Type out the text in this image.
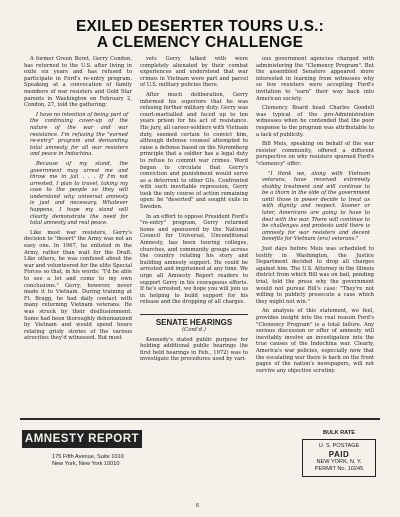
EXILED DESERTER TOURS U.S.:
A CLEMENCY CHALLENGE

A former Green Beret, Gerry Condon, has returned to the U.S. after living in exile six years and has refused to participate in Ford's re-entry program. Speaking at a convocation of family members of war resisters and Gold Star parents in Washington on February 2, Condon, 27, told the gathering:

I have no intention of being part of the continuing cover-up of the nature of the war and war resistance. I'm refusing the "earned re-entry" program and demanding total amnesty for all war resisters and peace in Indochina.

Because of my stand, the government may arrest me and throw me in jail . . . If I'm not arrested, I plan to travel, taking my case to the people so they will understand why universal amnesty is just and necessary. Whatever happens, I hope my stand will clearly demonstrate the need for total amnesty and real peace.

Like most war resisters, Gerry's decision to "desert" the Army was not an easy one. In 1967, he enlisted in the Army, rather than wait for the Draft. Like others, he was confused about the war and volunteered for the elite Special Forces so that, in his words: "I'd be able to see a lot and come to my own conclusions." Gerry, however, never made it to Vietnam. During training at Ft. Bragg, he had daily contact with many returning Vietnam veterans. He was struck by their disillusionment. Some had been thoroughly dehumanized by Vietnam and would spend hours relating grisly stories of the various atrocities they'd witnessed. But most

vets Gerry talked with were completely alienated by their combat experiences and understood that war crimes in Vietnam were part and parcel of U.S. military policies there.

After much deliberation, Gerry informed his superiors that he was refusing further military duty. Gerry was court-martialled and faced up to ten years prison for his act of resistance. His jury, all career-soldiers with Vietnam duty, seemed certain to convict him, although defense counsel attempted to raise a defense based on the Nuremberg principle that a soldier has a legal duty to refuse to commit war crimes. Word began to circulate that Gerry's conviction and punishment would serve as a deterrent to other GIs. Confronted with such inevitable repression, Gerry took the only course of action remaining open: he "deserted" and sought exile in Sweden.

In an effort to oppose President Ford's "re-entry" program, Gerry returned home and sponsored by the National Council for Universal, Unconditional Amnesty, has been touring colleges, churches, and community groups across the country relating his story and building amnesty support. He could be arrested and imprisoned at any time. We urge all Amnesty Report readers to support Gerry in his courageous efforts. If he's arrested, we hope you will join us in helping to build support for his release and the dropping of all charges.

SENATE HEARINGS
(Cont'd.)

Kennedy's stated public purpose for holding additional public hearings (he first held hearings in Feb., 1972) was to investigate the procedures used by vari-

ous government agencies charged with administering the "Clemency Program". But the assembled Senators appeared more interested in learning from witnesses why so few resisters were accepting Ford's invitation to "earn" their way back into American society.

Clemency Board head Charles Goodell was typical of the pro-Administration witnesses when he contended that the poor response to the program was attributable to a lack of publicity.

Bill Meis, speaking on behalf of the war resister community, offered a different perspective on why resisters spurned Ford's "clemency" offer:

"I think we, along with Vietnam veterans, have received extremely shabby treatment and will continue to be a thorn in the side of the government until those in power decide to treat us with dignity and respect. Sooner or later, Americans are going to have to deal with the war. There will continue to be challenges and protests until there is amnesty for war resisters and decent benefits for Vietnam (era) veterans."

Just days before Meis was scheduled to testify in Washington, the Justice Department decided to drop all charges against him. The U.S. Attorney in the Illinois district from which Bill was on bail, pending trial, told the press why the government would not pursue Bill's case: "They're not willing to publicly prosecute a case which they might not win."

An analysis of this statement, we feel, provides insight into the real reason Ford's "Clemency Program" is a total failure. Any serious discussion or offer of amnesty will inevitably involve an investigation into the true causes of the Indochina war. Clearly, America's war policies, especially now that the escalating war there is back on the front pages of the nation's newspapers, will not survive any objective scrutiny.

AMNESTY REPORT
175 Fifth Avenue, Suite 1010
New York, New York 10010
BULK RATE
U. S. POSTAGE
PAID
NEW YORK, N. Y.
PERMIT No. 10245
6
